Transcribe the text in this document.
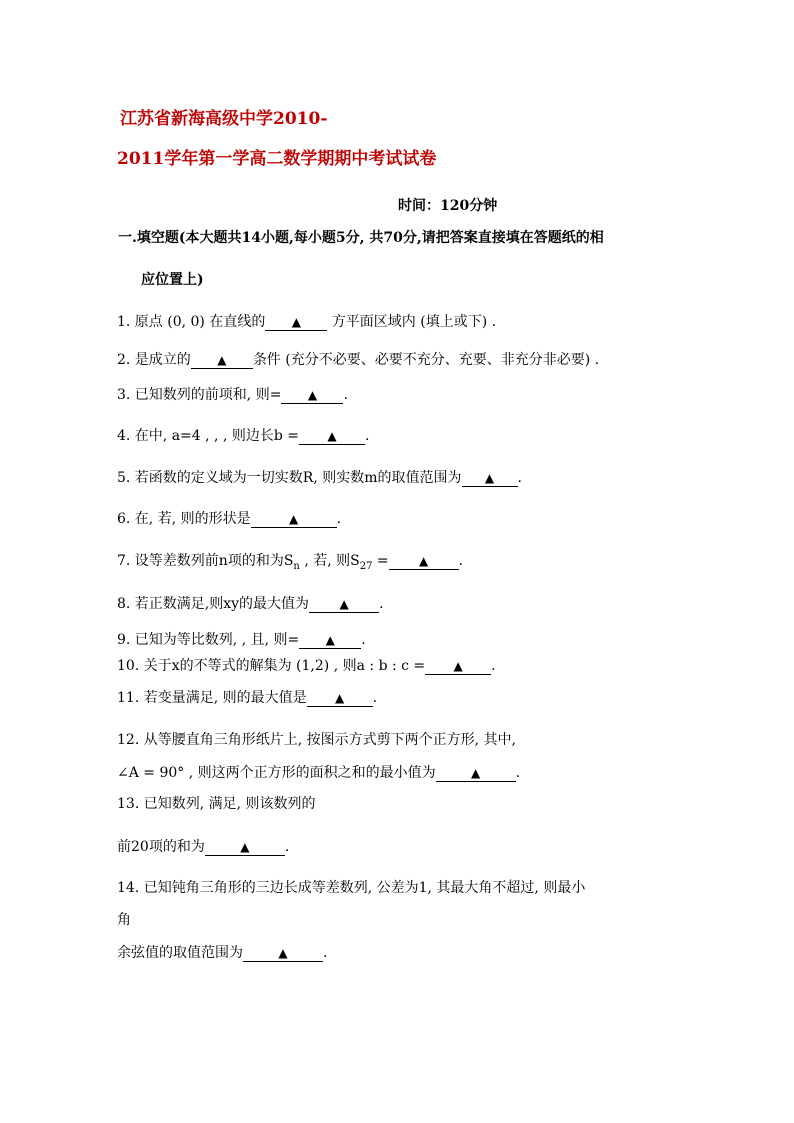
江苏省新海高级中学2010-
2011学年第一学高二数学期期中考试试卷
时间：120分钟
一.填空题(本大题共14小题,每小题5分, 共70分,请把答案直接填在答题纸的相
应位置上)
1. 原点 (0, 0) 在直线的 ▲ 方平面区域内 (填上或下) .
2. 是成立的 ▲ 条件 (充分不必要、必要不充分、充要、非充分非必要) .
3. 已知数列的前项和, 则= ▲ .
4. 在中, a=4 , , , 则边长b = ▲ .
5. 若函数的定义域为一切实数R, 则实数m的取值范围为 ▲ .
6. 在, 若, 则的形状是	▲	.
7. 设等差数列前n项的和为$S_n$ , 若, 则$S_{27}$ =	▲ .
8. 若正数满足,则xy的最大值为	▲ .
9. 已知为等比数列, , 且, 则= ▲ .
10. 关于x的不等式的解集为 (1,2) , 则a : b : c = ▲ .
11. 若变量满足, 则的最大值是 ▲ .
12. 从等腰直角三角形纸片上, 按图示方式剪下两个正方形, 其中,
∠A = 90° , 则这两个正方形的面积之和的最小值为	▲	.
13. 已知数列, 满足, 则该数列的
前20项的和为	▲	.
14. 已知钝角三角形的三边长成等差数列, 公差为1, 其最大角不超过, 则最小
角
余弦值的取值范围为	▲	.
